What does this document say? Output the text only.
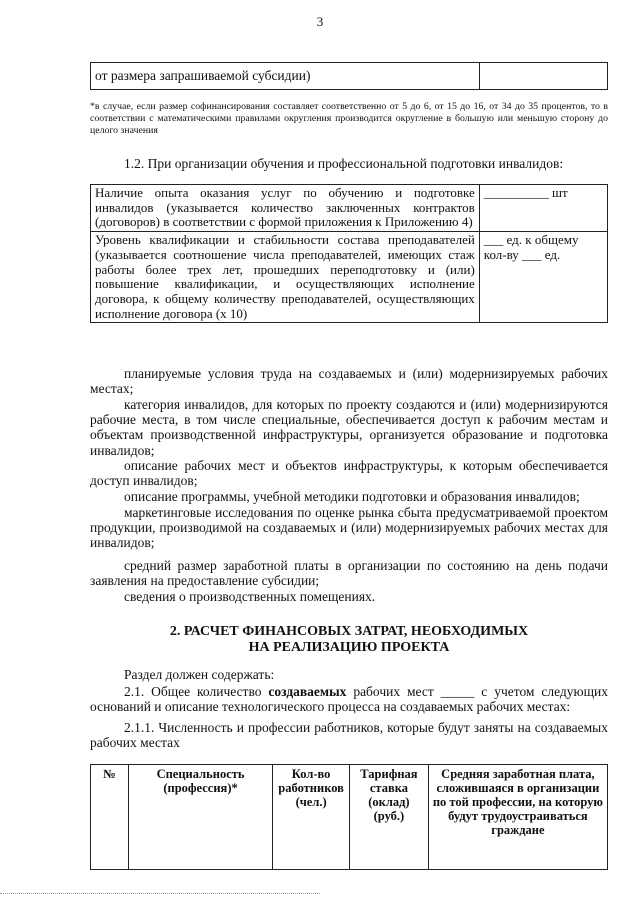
3
от размера запрашиваемой субсидии)	
*в случае, если размер софинансирования составляет соответственно от 5 до 6, от 15 до 16, от 34 до 35 процентов, то в соответствии с математическими правилами округления производится округление в большую или меньшую сторону до целого значения
1.2. При организации обучения и профессиональной подготовки инвалидов:
Наличие опыта оказания услуг по обучению и подготовке инвалидов (указывается количество заключенных контрактов (договоров) в соответствии с формой приложения к Приложению 4)	__________ шт
Уровень квалификации и стабильности состава преподавателей (указывается соотношение числа преподавателей, имеющих стаж работы более трех лет, прошедших переподготовку и (или) повышение квалификации, и осуществляющих исполнение договора, к общему количеству преподавателей, осуществляющих исполнение договора (х 10)	___ ед. к общему кол-ву ___ ед.
планируемые условия труда на создаваемых и (или) модернизируемых рабочих местах;
категория инвалидов, для которых по проекту создаются и (или) модернизируются рабочие места, в том числе специальные, обеспечивается доступ к рабочим местам и объектам производственной инфраструктуры, организуется образование и подготовка инвалидов;
описание рабочих мест и объектов инфраструктуры, к которым обеспечивается доступ инвалидов;
описание программы, учебной методики подготовки и образования инвалидов;
маркетинговые исследования по оценке рынка сбыта предусматриваемой проектом продукции, производимой на создаваемых и (или) модернизируемых рабочих местах для инвалидов;
средний размер заработной платы в организации по состоянию на день подачи заявления на предоставление субсидии;
сведения о производственных помещениях.
2. РАСЧЕТ ФИНАНСОВЫХ ЗАТРАТ, НЕОБХОДИМЫХ
НА РЕАЛИЗАЦИЮ ПРОЕКТА
Раздел должен содержать:
2.1. Общее количество создаваемых рабочих мест _____ с учетом следующих оснований и описание технологического процесса на создаваемых рабочих местах:
2.1.1. Численность и профессии работников, которые будут заняты на создаваемых рабочих местах
№	Специальность (профессия)*	Кол-во работников (чел.)	Тарифная ставка (оклад) (руб.)	Средняя заработная плата, сложившаяся в организации по той профессии, на которую будут трудоустраиваться граждане
